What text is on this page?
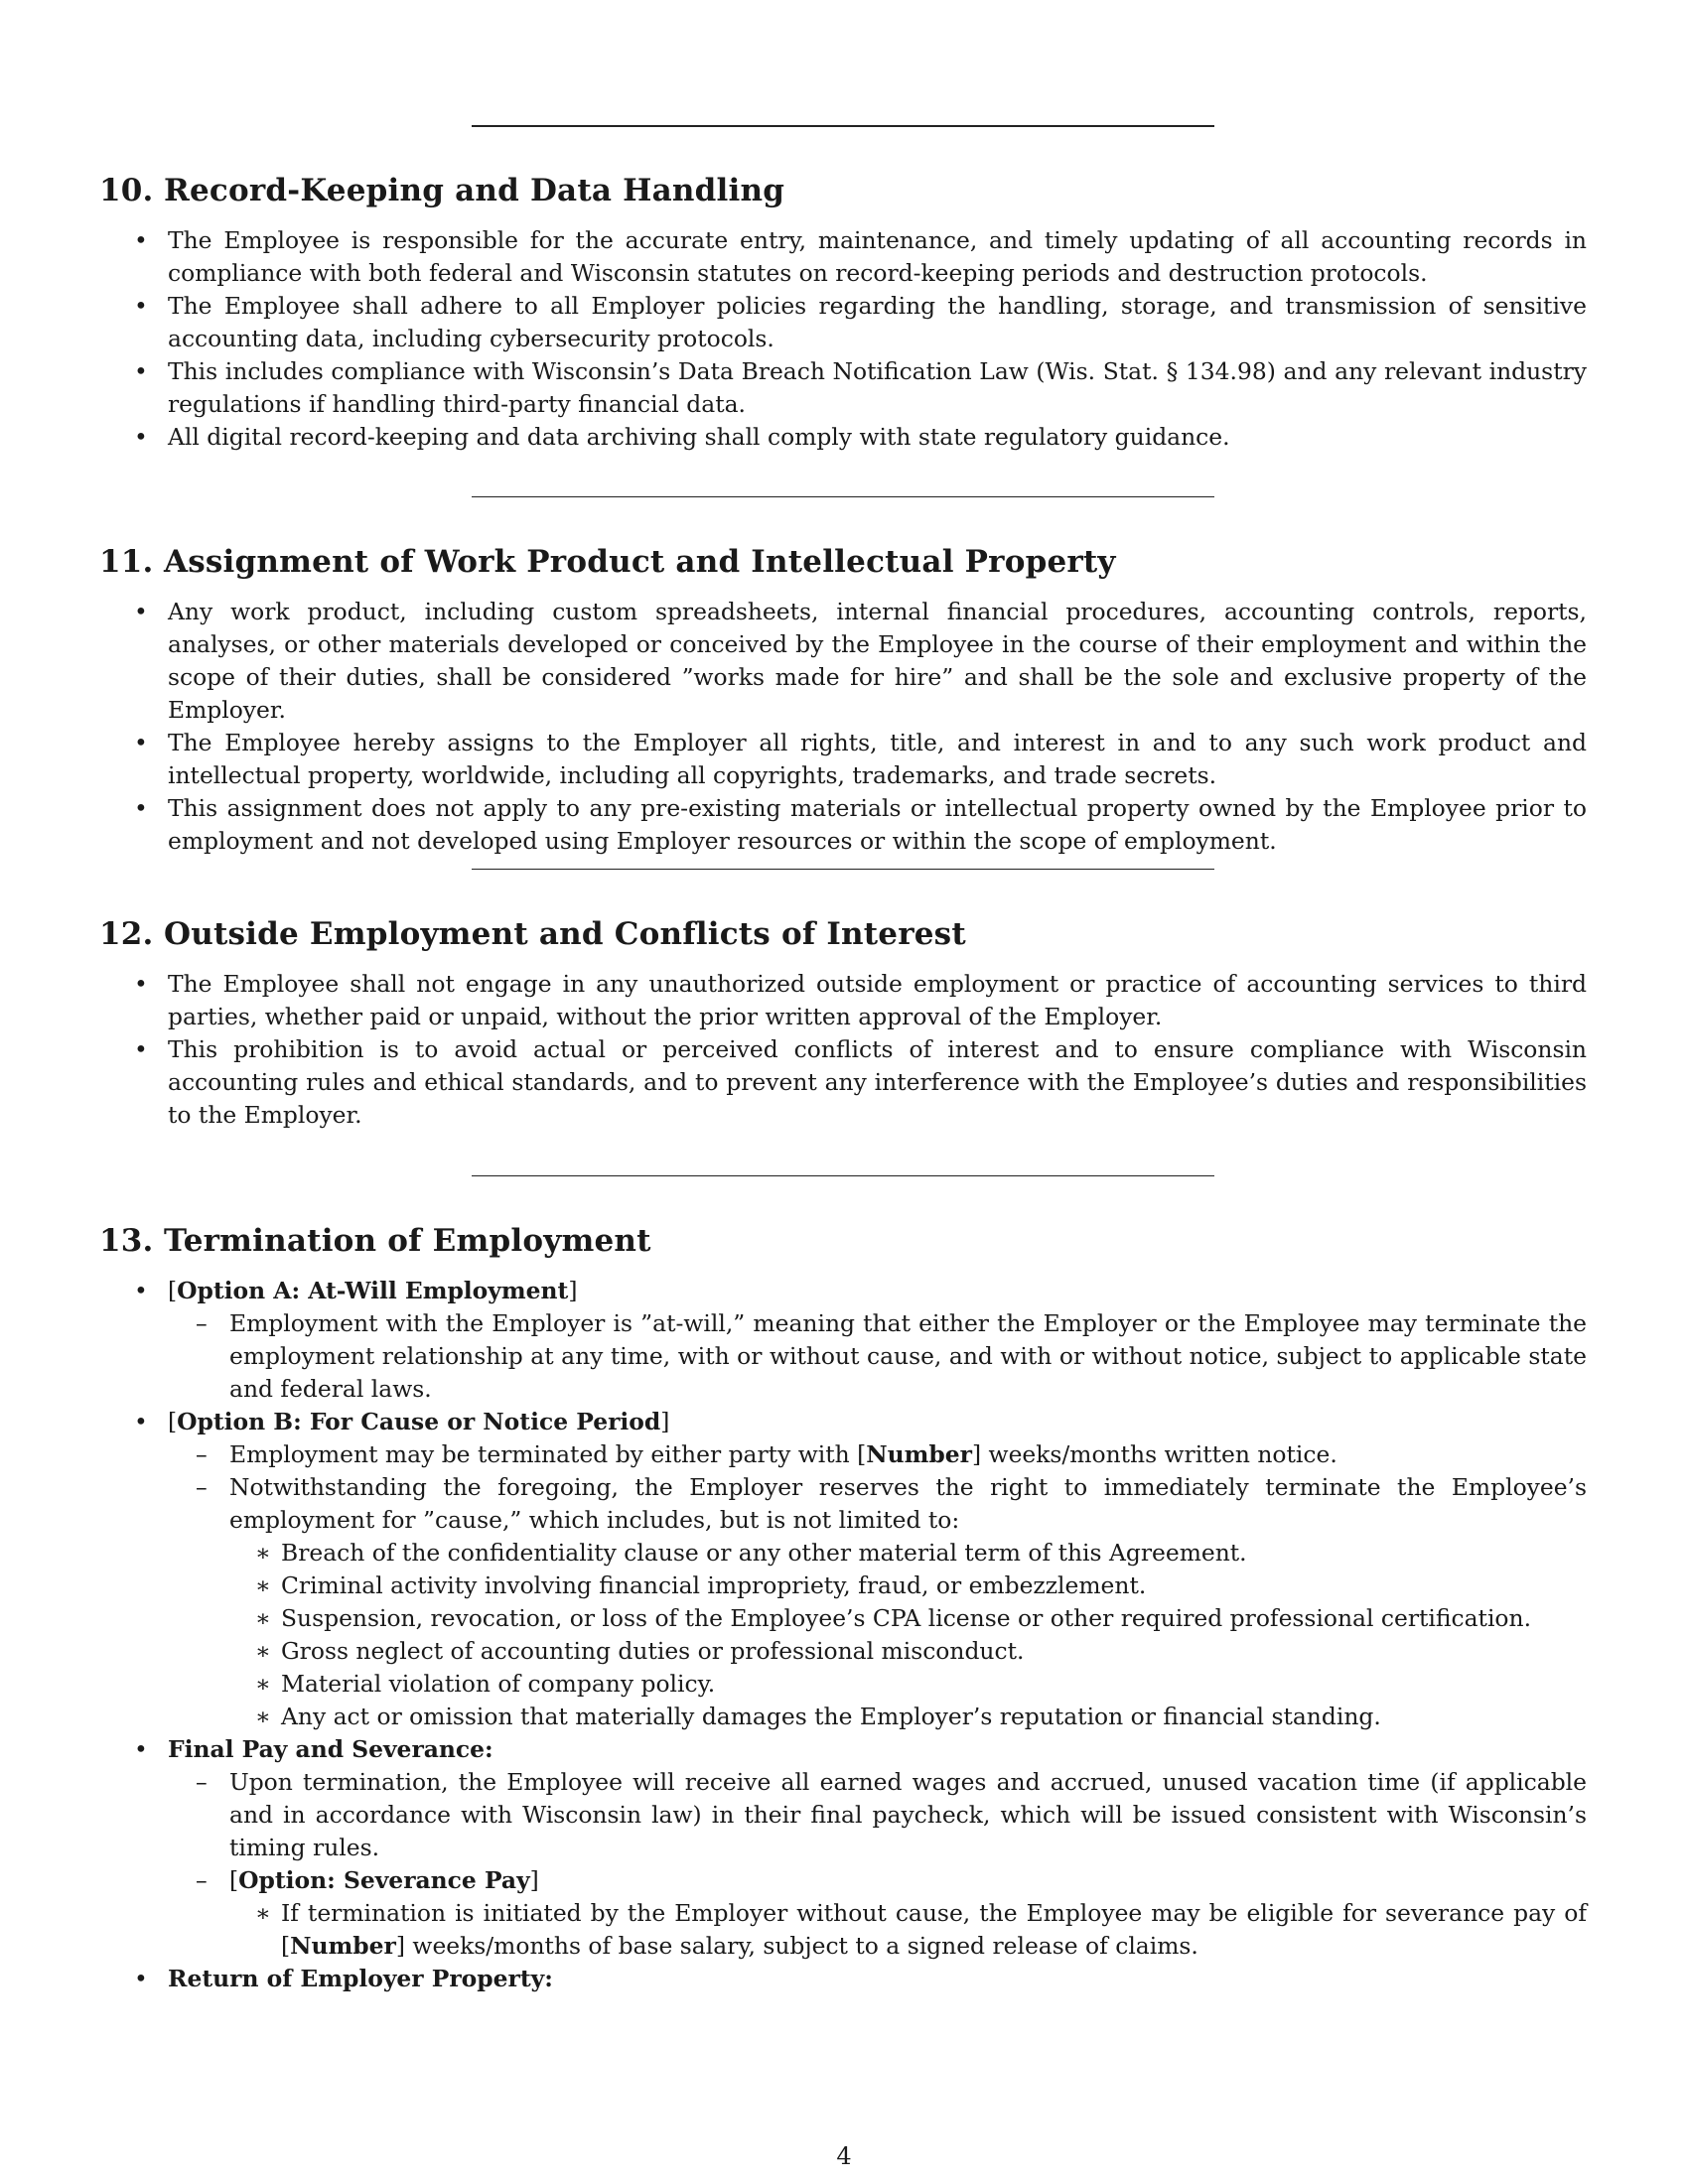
10. Record-Keeping and Data Handling
• The Employee is responsible for the accurate entry, maintenance, and timely updating of all accounting records in compliance with both federal and Wisconsin statutes on record-keeping periods and destruction protocols.
• The Employee shall adhere to all Employer policies regarding the handling, storage, and transmission of sensitive accounting data, including cybersecurity protocols.
• This includes compliance with Wisconsin’s Data Breach Notification Law (Wis. Stat. § 134.98) and any relevant industry regulations if handling third-party financial data.
• All digital record-keeping and data archiving shall comply with state regulatory guidance.
11. Assignment of Work Product and Intellectual Property
• Any work product, including custom spreadsheets, internal financial procedures, accounting controls, reports, analyses, or other materials developed or conceived by the Employee in the course of their employment and within the scope of their duties, shall be considered ”works made for hire” and shall be the sole and exclusive property of the Employer.
• The Employee hereby assigns to the Employer all rights, title, and interest in and to any such work product and intellectual property, worldwide, including all copyrights, trademarks, and trade secrets.
• This assignment does not apply to any pre-existing materials or intellectual property owned by the Employee prior to employment and not developed using Employer resources or within the scope of employment.
12. Outside Employment and Conflicts of Interest
• The Employee shall not engage in any unauthorized outside employment or practice of accounting services to third parties, whether paid or unpaid, without the prior written approval of the Employer.
• This prohibition is to avoid actual or perceived conflicts of interest and to ensure compliance with Wisconsin accounting rules and ethical standards, and to prevent any interference with the Employee’s duties and responsibilities to the Employer.
13. Termination of Employment
• [Option A: At-Will Employment]
– Employment with the Employer is ”at-will,” meaning that either the Employer or the Employee may terminate the employment relationship at any time, with or without cause, and with or without notice, subject to applicable state and federal laws.
• [Option B: For Cause or Notice Period]
– Employment may be terminated by either party with [Number] weeks/months written notice.
– Notwithstanding the foregoing, the Employer reserves the right to immediately terminate the Employee’s employment for ”cause,” which includes, but is not limited to:
∗ Breach of the confidentiality clause or any other material term of this Agreement.
∗ Criminal activity involving financial impropriety, fraud, or embezzlement.
∗ Suspension, revocation, or loss of the Employee’s CPA license or other required professional certification.
∗ Gross neglect of accounting duties or professional misconduct.
∗ Material violation of company policy.
∗ Any act or omission that materially damages the Employer’s reputation or financial standing.
• Final Pay and Severance:
– Upon termination, the Employee will receive all earned wages and accrued, unused vacation time (if applicable and in accordance with Wisconsin law) in their final paycheck, which will be issued consistent with Wisconsin’s timing rules.
– [Option: Severance Pay]
∗ If termination is initiated by the Employer without cause, the Employee may be eligible for severance pay of [Number] weeks/months of base salary, subject to a signed release of claims.
• Return of Employer Property:
4
